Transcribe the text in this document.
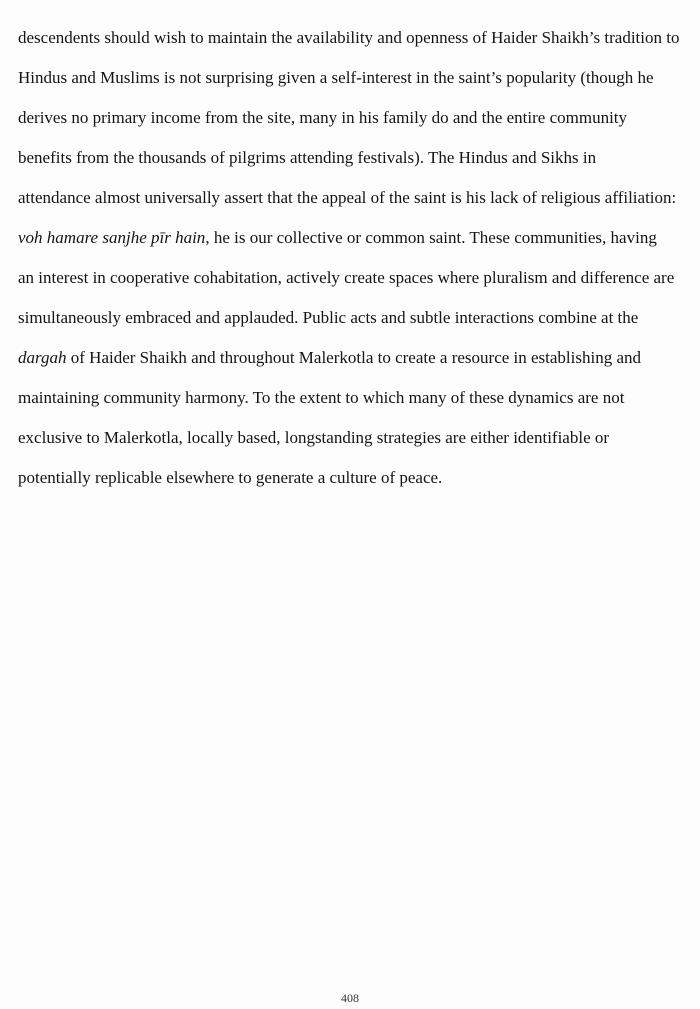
descendents should wish to maintain the availability and openness of Haider Shaikh’s tradition to
Hindus and Muslims is not surprising given a self-interest in the saint’s popularity (though he
derives no primary income from the site, many in his family do and the entire community
benefits from the thousands of pilgrims attending festivals). The Hindus and Sikhs in
attendance almost universally assert that the appeal of the saint is his lack of religious affiliation:
voh hamare sanjhe pīr hain, he is our collective or common saint. These communities, having
an interest in cooperative cohabitation, actively create spaces where pluralism and difference are
simultaneously embraced and applauded. Public acts and subtle interactions combine at the
dargah of Haider Shaikh and throughout Malerkotla to create a resource in establishing and
maintaining community harmony. To the extent to which many of these dynamics are not
exclusive to Malerkotla, locally based, longstanding strategies are either identifiable or
potentially replicable elsewhere to generate a culture of peace.
408
